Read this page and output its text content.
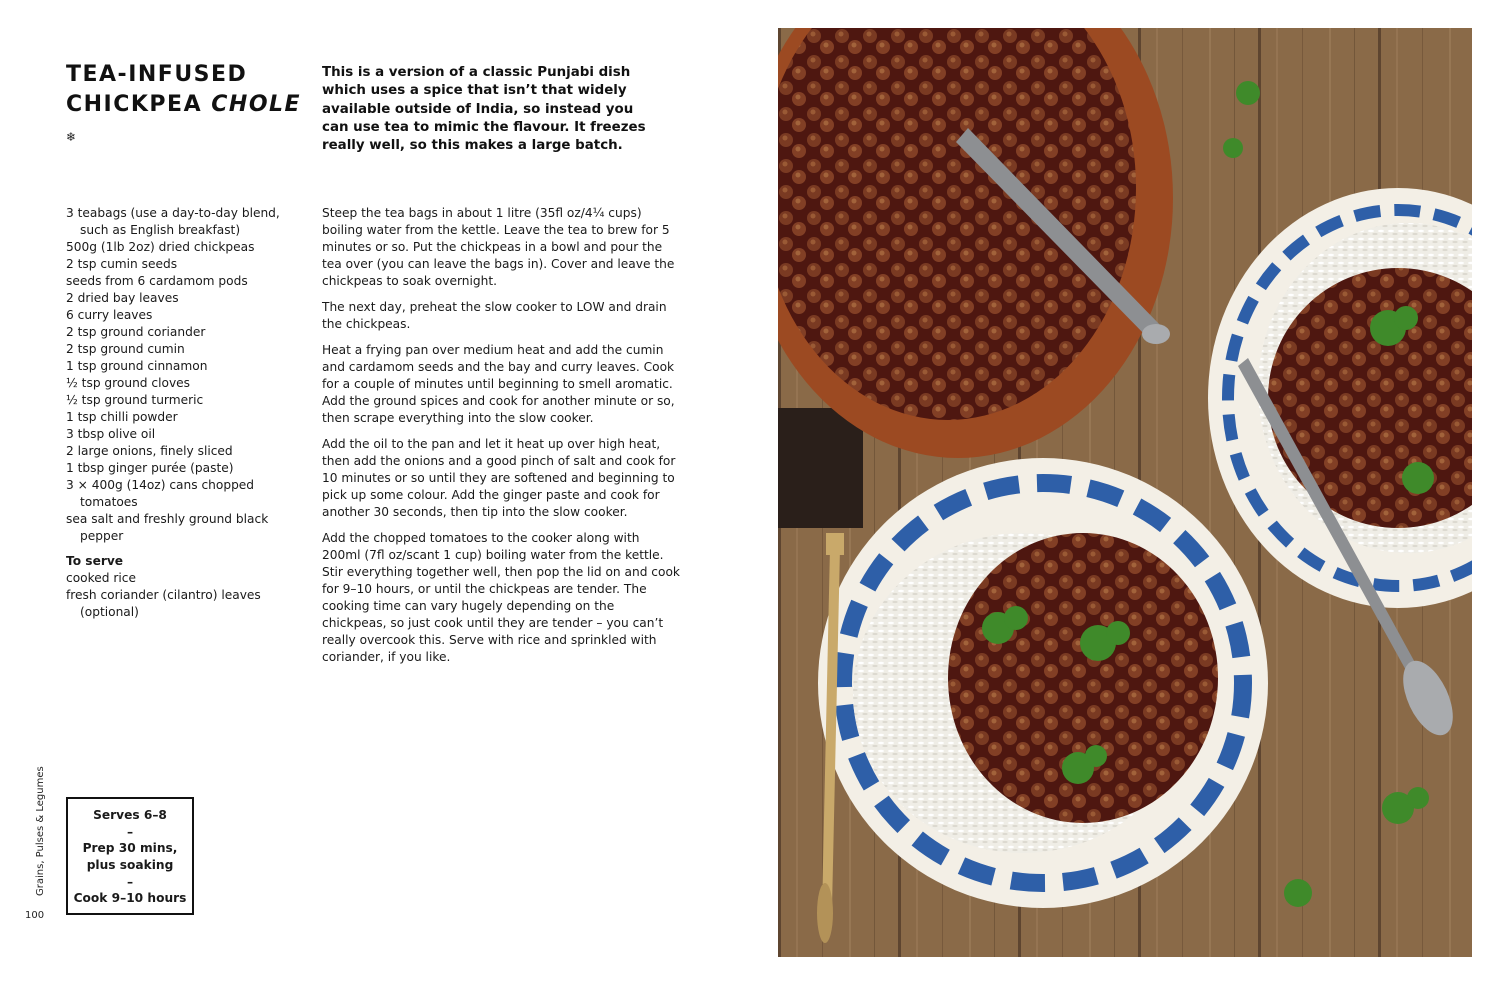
TEA-INFUSED
CHICKPEA CHOLE
❄

This is a version of a classic Punjabi dish which uses a spice that isn’t that widely available outside of India, so instead you can use tea to mimic the flavour. It freezes really well, so this makes a large batch.

3 teabags (use a day-to-day blend, such as English breakfast)
500g (1lb 2oz) dried chickpeas
2 tsp cumin seeds
seeds from 6 cardamom pods
2 dried bay leaves
6 curry leaves
2 tsp ground coriander
2 tsp ground cumin
1 tsp ground cinnamon
½ tsp ground cloves
½ tsp ground turmeric
1 tsp chilli powder
3 tbsp olive oil
2 large onions, finely sliced
1 tbsp ginger purée (paste)
3 × 400g (14oz) cans chopped tomatoes
sea salt and freshly ground black pepper
To serve
cooked rice
fresh coriander (cilantro) leaves (optional)

Steep the tea bags in about 1 litre (35fl oz/4¼ cups) boiling water from the kettle. Leave the tea to brew for 5 minutes or so. Put the chickpeas in a bowl and pour the tea over (you can leave the bags in). Cover and leave the chickpeas to soak overnight.

The next day, preheat the slow cooker to LOW and drain the chickpeas.

Heat a frying pan over medium heat and add the cumin and cardamom seeds and the bay and curry leaves. Cook for a couple of minutes until beginning to smell aromatic. Add the ground spices and cook for another minute or so, then scrape everything into the slow cooker.

Add the oil to the pan and let it heat up over high heat, then add the onions and a good pinch of salt and cook for 10 minutes or so until they are softened and beginning to pick up some colour. Add the ginger paste and cook for another 30 seconds, then tip into the slow cooker.

Add the chopped tomatoes to the cooker along with 200ml (7fl oz/scant 1 cup) boiling water from the kettle. Stir everything together well, then pop the lid on and cook for 9–10 hours, or until the chickpeas are tender. The cooking time can vary hugely depending on the chickpeas, so just cook until they are tender – you can’t really overcook this. Serve with rice and sprinkled with coriander, if you like.

Grains, Pulses & Legumes
100
Serves 6–8
–
Prep 30 mins,
plus soaking
–
Cook 9–10 hours
